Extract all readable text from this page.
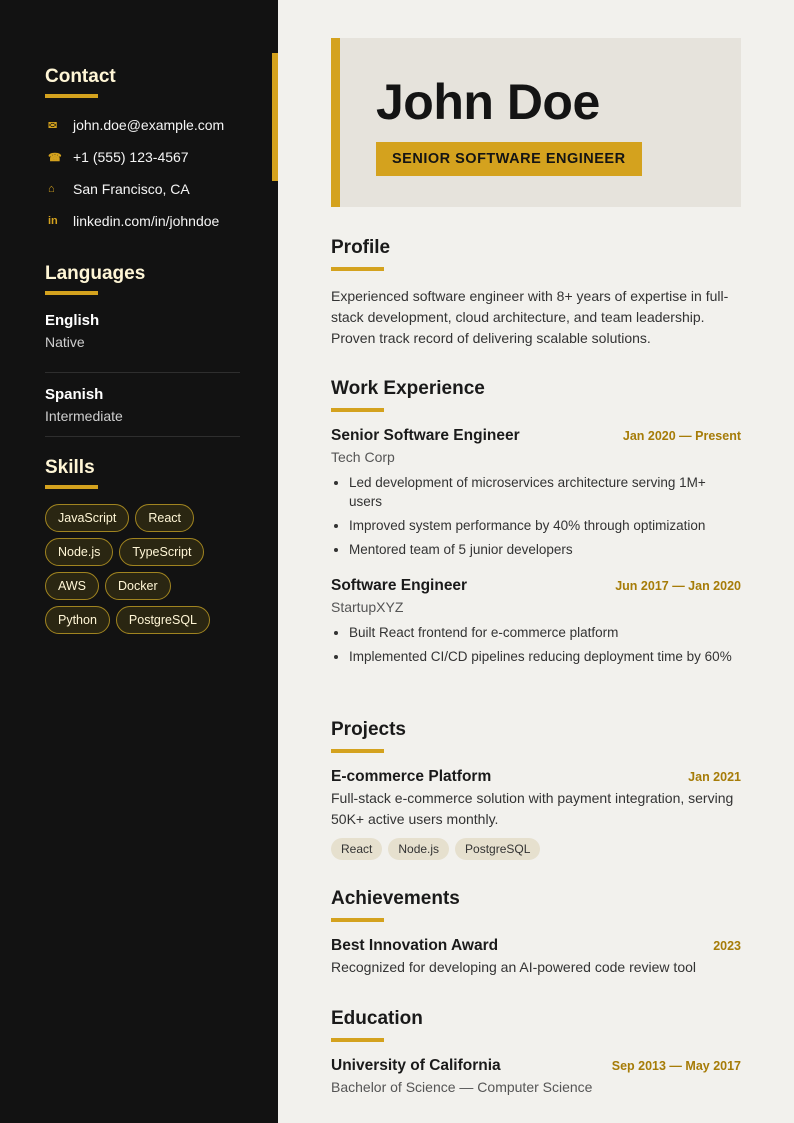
Contact
✉	john.doe@example.com
☎ +1 (555) 123-4567
⌂	San Francisco, CA
in	linkedin.com/in/johndoe
Languages
English
Native
Spanish
Intermediate
Skills
JavaScript	React
Node.js	TypeScript
AWS	Docker
Python	PostgreSQL
John Doe
SENIOR SOFTWARE ENGINEER
Profile

Experienced software engineer with 8+ years of expertise in full-stack development, cloud architecture, and team leadership. Proven track record of delivering scalable solutions.

Work Experience
Senior Software Engineer	Jan 2020 — Present
Tech Corp
Led development of microservices architecture serving 1M+ users
Improved system performance by 40% through optimization
Mentored team of 5 junior developers
Software Engineer	Jun 2017 — Jan 2020
StartupXYZ
Built React frontend for e-commerce platform
Implemented CI/CD pipelines reducing deployment time by 60%
Projects
E-commerce Platform	Jan 2021

Full-stack e-commerce solution with payment integration, serving 50K+ active users monthly.

React	Node.js	PostgreSQL
Achievements
Best Innovation Award	2023

Recognized for developing an AI-powered code review tool

Education
University of California	Sep 2013 — May 2017
Bachelor of Science — Computer Science
